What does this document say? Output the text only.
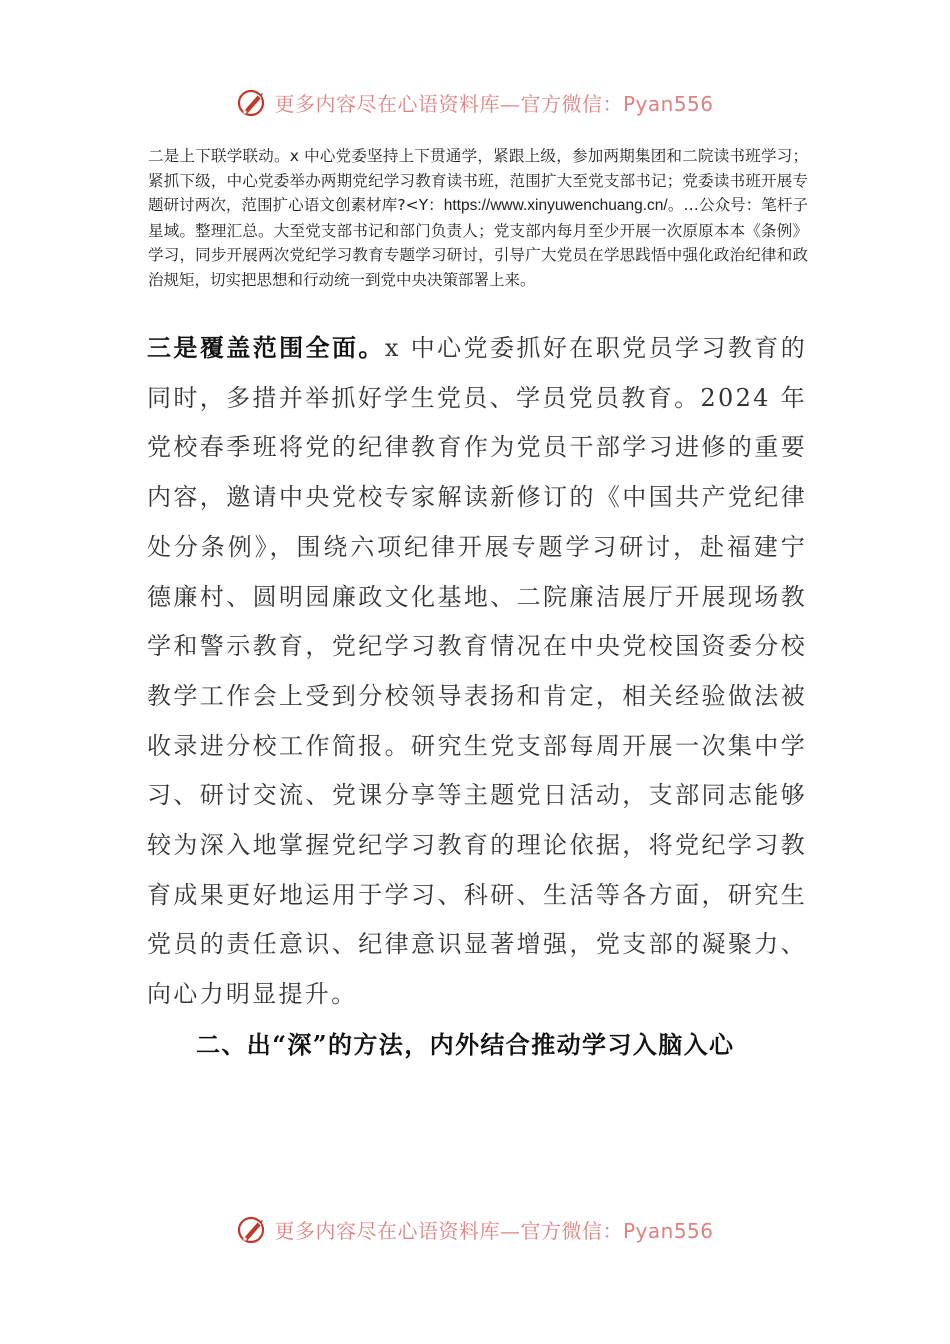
更多内容尽在心语资料库—官方微信：Pyan556

二是上下联学联动。x 中心党委坚持上下贯通学，紧跟上级，参加两期集团和二院读书班学习；紧抓下级，中心党委举办两期党纪学习教育读书班，范围扩大至党支部书记；党委读书班开展专题研讨两次，范围扩心语文创素材库?<Y：https://www.xinyuwenchuang.cn/。…公众号：笔杆子星域。整理汇总。大至党支部书记和部门负责人；党支部内每月至少开展一次原原本本《条例》学习，同步开展两次党纪学习教育专题学习研讨，引导广大党员在学思践悟中强化政治纪律和政治规矩，切实把思想和行动统一到党中央决策部署上来。

三是覆盖范围全面。x 中心党委抓好在职党员学习教育的同时，多措并举抓好学生党员、学员党员教育。2024 年党校春季班将党的纪律教育作为党员干部学习进修的重要内容，邀请中央党校专家解读新修订的《中国共产党纪律处分条例》，围绕六项纪律开展专题学习研讨，赴福建宁德廉村、圆明园廉政文化基地、二院廉洁展厅开展现场教学和警示教育，党纪学习教育情况在中央党校国资委分校教学工作会上受到分校领导表扬和肯定，相关经验做法被收录进分校工作简报。研究生党支部每周开展一次集中学习、研讨交流、党课分享等主题党日活动，支部同志能够较为深入地掌握党纪学习教育的理论依据，将党纪学习教育成果更好地运用于学习、科研、生活等各方面，研究生党员的责任意识、纪律意识显著增强，党支部的凝聚力、向心力明显提升。

二、出“深”的方法，内外结合推动学习入脑入心

更多内容尽在心语资料库—官方微信：Pyan556
